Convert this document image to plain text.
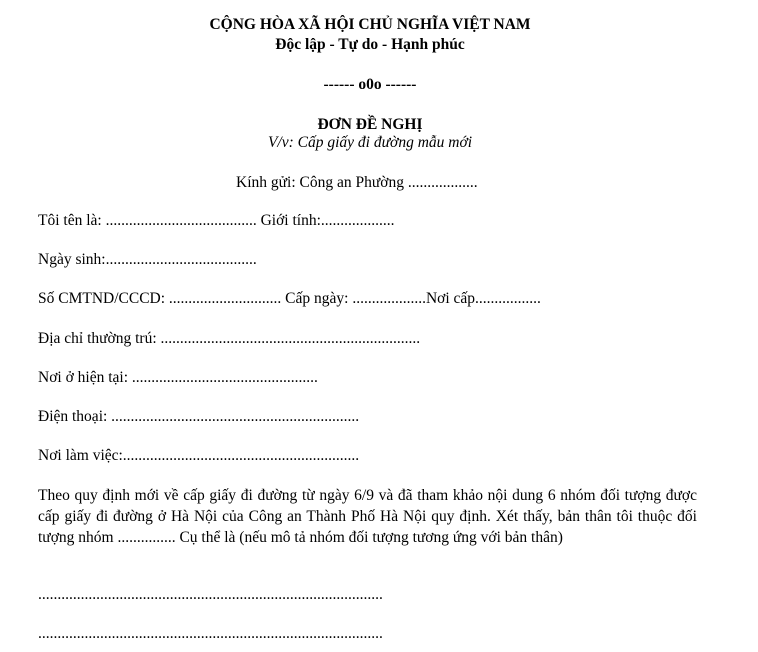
CỘNG HÒA XÃ HỘI CHỦ NGHĨA VIỆT NAM
Độc lập - Tự do - Hạnh phúc
------ o0o ------
ĐƠN ĐỀ NGHỊ
V/v: Cấp giấy đi đường mẫu mới
Kính gửi: Công an Phường ..................
Tôi tên là: ....................................... Giới tính:...................
Ngày sinh:.......................................
Số CMTND/CCCD: ............................. Cấp ngày: ...................Nơi cấp.................
Địa chỉ thường trú: ...................................................................
Nơi ở hiện tại: ................................................
Điện thoại: ................................................................
Nơi làm việc:.............................................................
Theo quy định mới về cấp giấy đi đường từ ngày 6/9 và đã tham khảo nội dung 6 nhóm đối tượng được cấp giấy đi đường ở Hà Nội của Công an Thành Phố Hà Nội quy định. Xét thấy, bản thân tôi thuộc đối tượng nhóm ............... Cụ thể là (nếu mô tả nhóm đối tượng tương ứng với bản thân)
.........................................................................................
.........................................................................................
